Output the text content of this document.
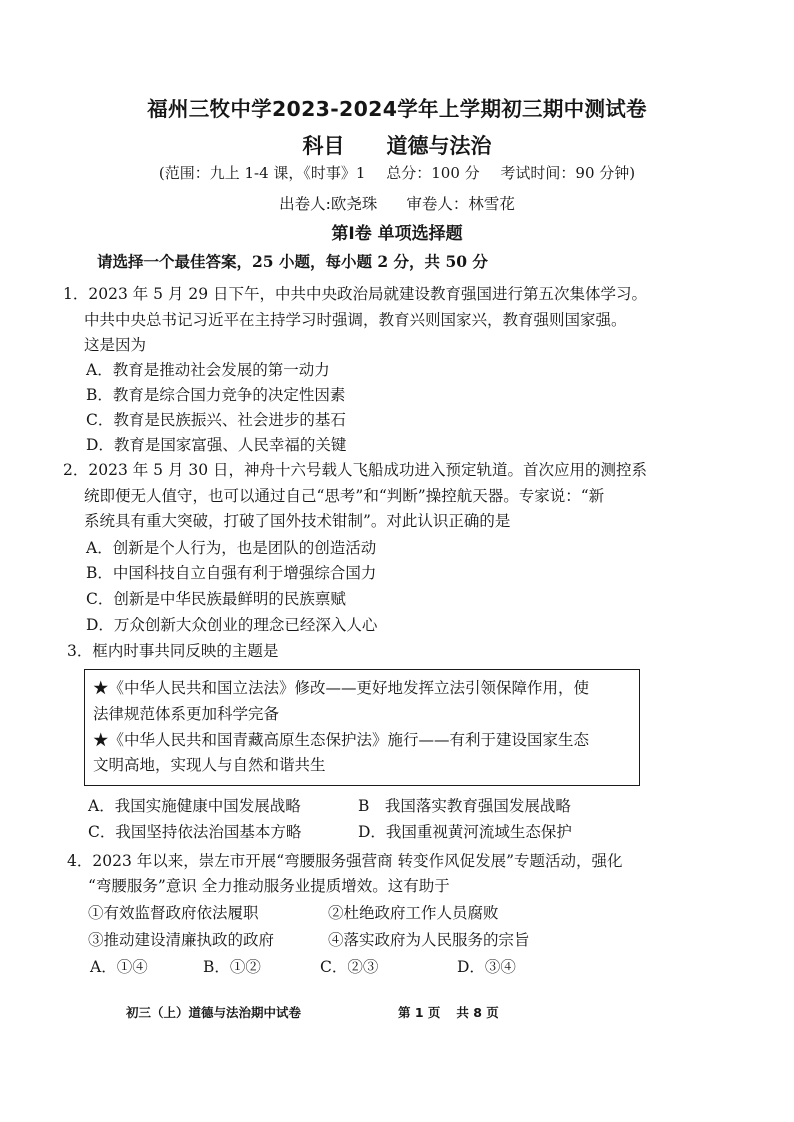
福州三牧中学2023-2024学年上学期初三期中测试卷
科目 道德与法治
(范围：九上 1-4 课，《时事》1 总分：100 分 考试时间：90 分钟)
出卷人:欧尧珠 审卷人：林雪花
第Ⅰ卷 单项选择题
请选择一个最佳答案，25 小题，每小题 2 分，共 50 分
1．2023 年 5 月 29 日下午，中共中央政治局就建设教育强国进行第五次集体学习。
中共中央总书记习近平在主持学习时强调，教育兴则国家兴，教育强则国家强。
这是因为
A．教育是推动社会发展的第一动力
B．教育是综合国力竞争的决定性因素
C．教育是民族振兴、社会进步的基石
D．教育是国家富强、人民幸福的关键
2．2023 年 5 月 30 日，神舟十六号载人飞船成功进入预定轨道。首次应用的测控系
统即便无人值守，也可以通过自己“思考”和“判断”操控航天器。专家说：“新
系统具有重大突破，打破了国外技术钳制”。对此认识正确的是
A．创新是个人行为，也是团队的创造活动
B．中国科技自立自强有利于增强综合国力
C．创新是中华民族最鲜明的民族禀赋
D．万众创新大众创业的理念已经深入人心
3．框内时事共同反映的主题是
★《中华人民共和国立法法》修改——更好地发挥立法引领保障作用，使
法律规范体系更加科学完备
★《中华人民共和国青藏高原生态保护法》施行——有利于建设国家生态
文明高地，实现人与自然和谐共生
A．我国实施健康中国发展战略	B　我国落实教育强国发展战略
C．我国坚持依法治国基本方略	D．我国重视黄河流域生态保护
4．2023 年以来，崇左市开展“弯腰服务强营商 转变作风促发展”专题活动，强化
“弯腰服务”意识 全力推动服务业提质增效。这有助于
①有效监督政府依法履职	②杜绝政府工作人员腐败
③推动建设清廉执政的政府	④落实政府为人民服务的宗旨
A．①④	B．①②	C．②③	D．③④
初三（上）道德与法治期中试卷	第 1 页 共 8 页
